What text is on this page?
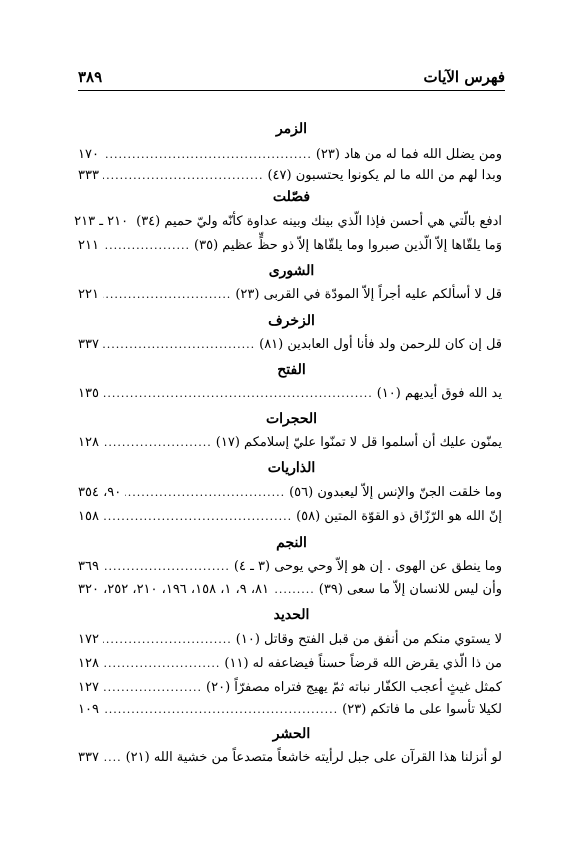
فهرس الآيات
٣٨٩
الزمر
ومن يضلل الله فما له من هاد (٢٣)
.....
١٧٠
وبدا لهم من الله ما لم يكونوا يحتسبون (٤٧)
.....
٣٣٣
فصّلت
ادفع بالّتي هي أحسن فإذا الّذي بينك وبينه عداوة كأنّه وليّ حميم (٣٤)
٢١٠ ـ ٢١٣
وَما يلقّاها إلاّ الّذين صبروا وما يلقّاها إلاّ ذو حظٍّ عظيم (٣٥)
.....
٢١١
الشورى
قل لا أسألكم عليه أجراً إلاّ المودّة في القربى (٢٣)
.....
٢٢١
الزخرف
قل إن كان للرحمن ولد فأنا أول العابدين (٨١)
.....
٣٣٧
الفتح
يد الله فوق أيديهم (١٠)
.....
١٣٥
الحجرات
يمنّون عليك أن أسلموا قل لا تمنّوا عليّ إسلامكم (١٧)
.....
١٢٨
الذاريات
وما خلقت الجنّ والإنس إلاّ ليعبدون (٥٦)
.....
٩٠، ٣٥٤
إنّ الله هو الرّزّاق ذو القوّة المتين (٥٨)
.....
١٥٨
النجم
وما ينطق عن الهوى . إن هو إلاّ وحي يوحى (٣ ـ ٤)
.....
٣٦٩
وأن ليس للانسان إلاّ ما سعى (٣٩)
.....
٨١، ٩، ١، ١٥٨، ١٩٦، ٢١٠، ٢٥٢، ٣٢٠
الحديد
لا يستوي منكم من أنفق من قبل الفتح وقاتل (١٠)
.....
١٧٢
من ذا الّذي يقرض الله قرضاً حسناً فيضاعفه له (١١)
.....
١٢٨
كمثل غيثٍ أعجب الكفّار نباته ثمّ يهيج فتراه مصفرّاً (٢٠)
.....
١٢٧
لكيلا تأسوا على ما فاتكم (٢٣)
.....
١٠٩
الحشر
لو أنزلنا هذا القرآن على جبل لرأيته خاشعاً متصدعاً من خشية الله (٢١)
.....
٣٣٧
